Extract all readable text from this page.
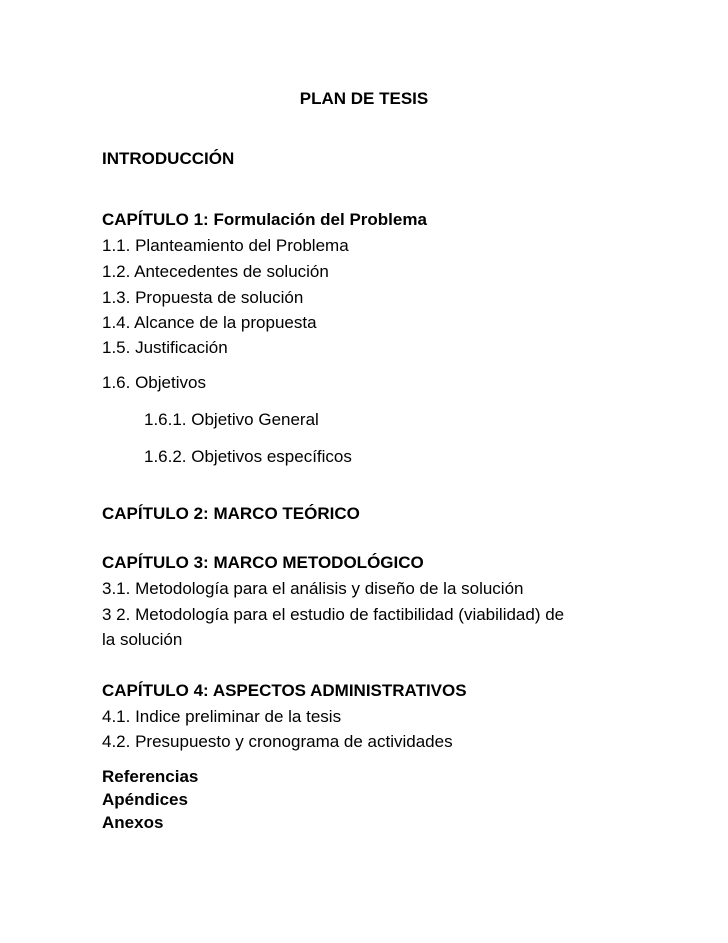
PLAN DE TESIS
INTRODUCCIÓN
CAPÍTULO 1: Formulación del Problema
1.1. Planteamiento del Problema
1.2. Antecedentes de solución
1.3. Propuesta de solución
1.4. Alcance de la propuesta
1.5. Justificación
1.6. Objetivos
1.6.1. Objetivo General
1.6.2. Objetivos específicos
CAPÍTULO 2: MARCO TEÓRICO
CAPÍTULO 3: MARCO METODOLÓGICO
3.1. Metodología para el análisis y diseño de la solución
3 2. Metodología para el estudio de factibilidad (viabilidad) de
la solución
CAPÍTULO 4: ASPECTOS ADMINISTRATIVOS
4.1. Indice preliminar de la tesis
4.2. Presupuesto y cronograma de actividades
Referencias
Apéndices
Anexos
